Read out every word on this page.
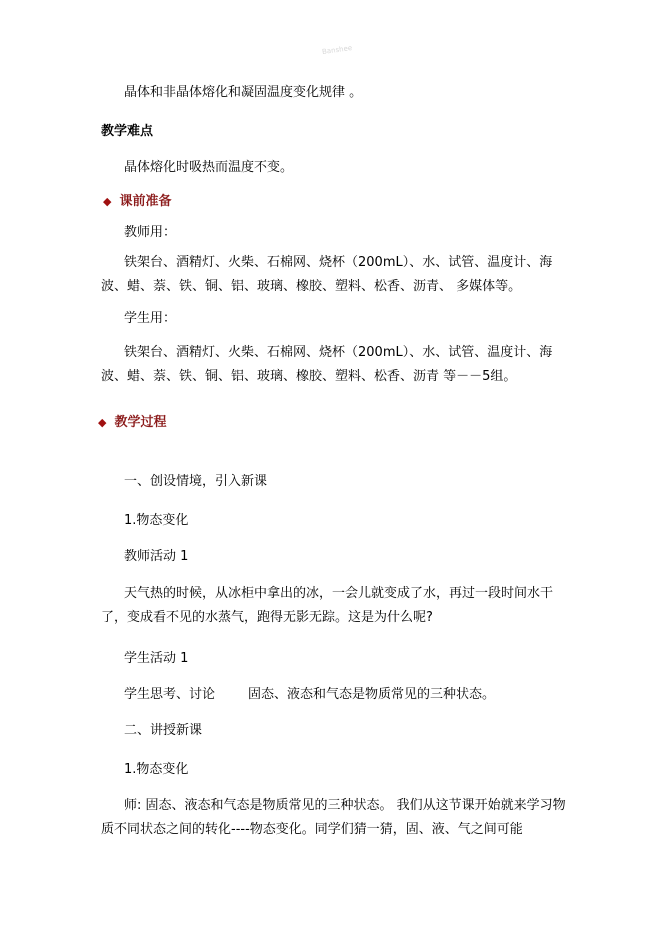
Banshee
晶体和非晶体熔化和凝固温度变化规律 。
教学难点
晶体熔化时吸热而温度不变。
◆ 课前准备
教师用：
铁架台、酒精灯、火柴、石棉网、烧杯（200mL）、水、试管、温度计、海波、蜡、萘、铁、铜、铝、玻璃、橡胶、塑料、松香、沥青、 多媒体等。
学生用：
铁架台、酒精灯、火柴、石棉网、烧杯（200mL）、水、试管、温度计、海波、蜡、萘、铁、铜、铝、玻璃、橡胶、塑料、松香、沥青 等－－5组。
◆ 教学过程
一、创设情境，引入新课
1.物态变化
教师活动 1
天气热的时候，从冰柜中拿出的冰，一会儿就变成了水，再过一段时间水干了，变成看不见的水蒸气，跑得无影无踪。这是为什么呢?
学生活动 1
学生思考、讨论        固态、液态和气态是物质常见的三种状态。
二、讲授新课
1.物态变化
师: 固态、液态和气态是物质常见的三种状态。 我们从这节课开始就来学习物质不同状态之间的转化----物态变化。同学们猜一猜，固、液、气之间可能
